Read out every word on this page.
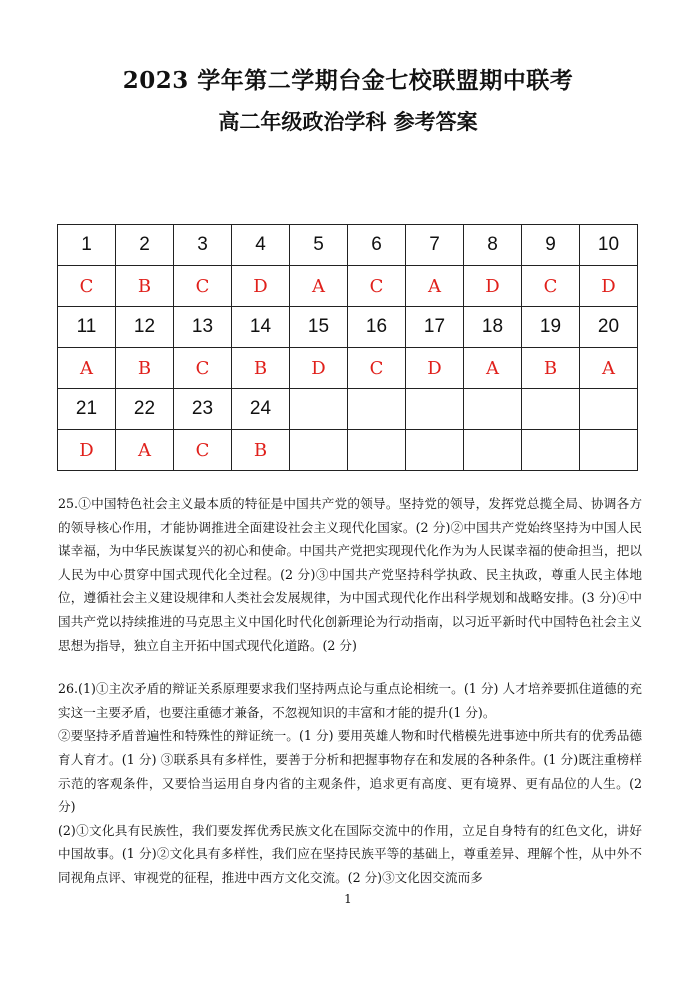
2023 学年第二学期台金七校联盟期中联考
高二年级政治学科 参考答案
1	2	3	4	5	6	7	8	9	10
C	B	C	D	A	C	A	D	C	D
11	12	13	14	15	16	17	18	19	20
A	B	C	B	D	C	D	A	B	A
21	22	23	24						
D	A	C	B						

25.①中国特色社会主义最本质的特征是中国共产党的领导。坚持党的领导，发挥党总揽全局、协调各方的领导核心作用，才能协调推进全面建设社会主义现代化国家。(2 分)②中国共产党始终坚持为中国人民谋幸福，为中华民族谋复兴的初心和使命。中国共产党把实现现代化作为为人民谋幸福的使命担当，把以人民为中心贯穿中国式现代化全过程。(2 分)③中国共产党坚持科学执政、民主执政，尊重人民主体地位，遵循社会主义建设规律和人类社会发展规律，为中国式现代化作出科学规划和战略安排。(3 分)④中国共产党以持续推进的马克思主义中国化时代化创新理论为行动指南，以习近平新时代中国特色社会主义思想为指导，独立自主开拓中国式现代化道路。(2 分)

26.(1)①主次矛盾的辩证关系原理要求我们坚持两点论与重点论相统一。(1 分) 人才培养要抓住道德的充实这一主要矛盾，也要注重德才兼备，不忽视知识的丰富和才能的提升(1 分)。

②要坚持矛盾普遍性和特殊性的辩证统一。(1 分) 要用英雄人物和时代楷模先进事迹中所共有的优秀品德育人育才。(1 分) ③联系具有多样性，要善于分析和把握事物存在和发展的各种条件。(1 分)既注重榜样示范的客观条件，又要恰当运用自身内省的主观条件，追求更有高度、更有境界、更有品位的人生。(2 分)

(2)①文化具有民族性，我们要发挥优秀民族文化在国际交流中的作用，立足自身特有的红色文化，讲好中国故事。(1 分)②文化具有多样性，我们应在坚持民族平等的基础上，尊重差异、理解个性，从中外不同视角点评、审视党的征程，推进中西方文化交流。(2 分)③文化因交流而多

1
